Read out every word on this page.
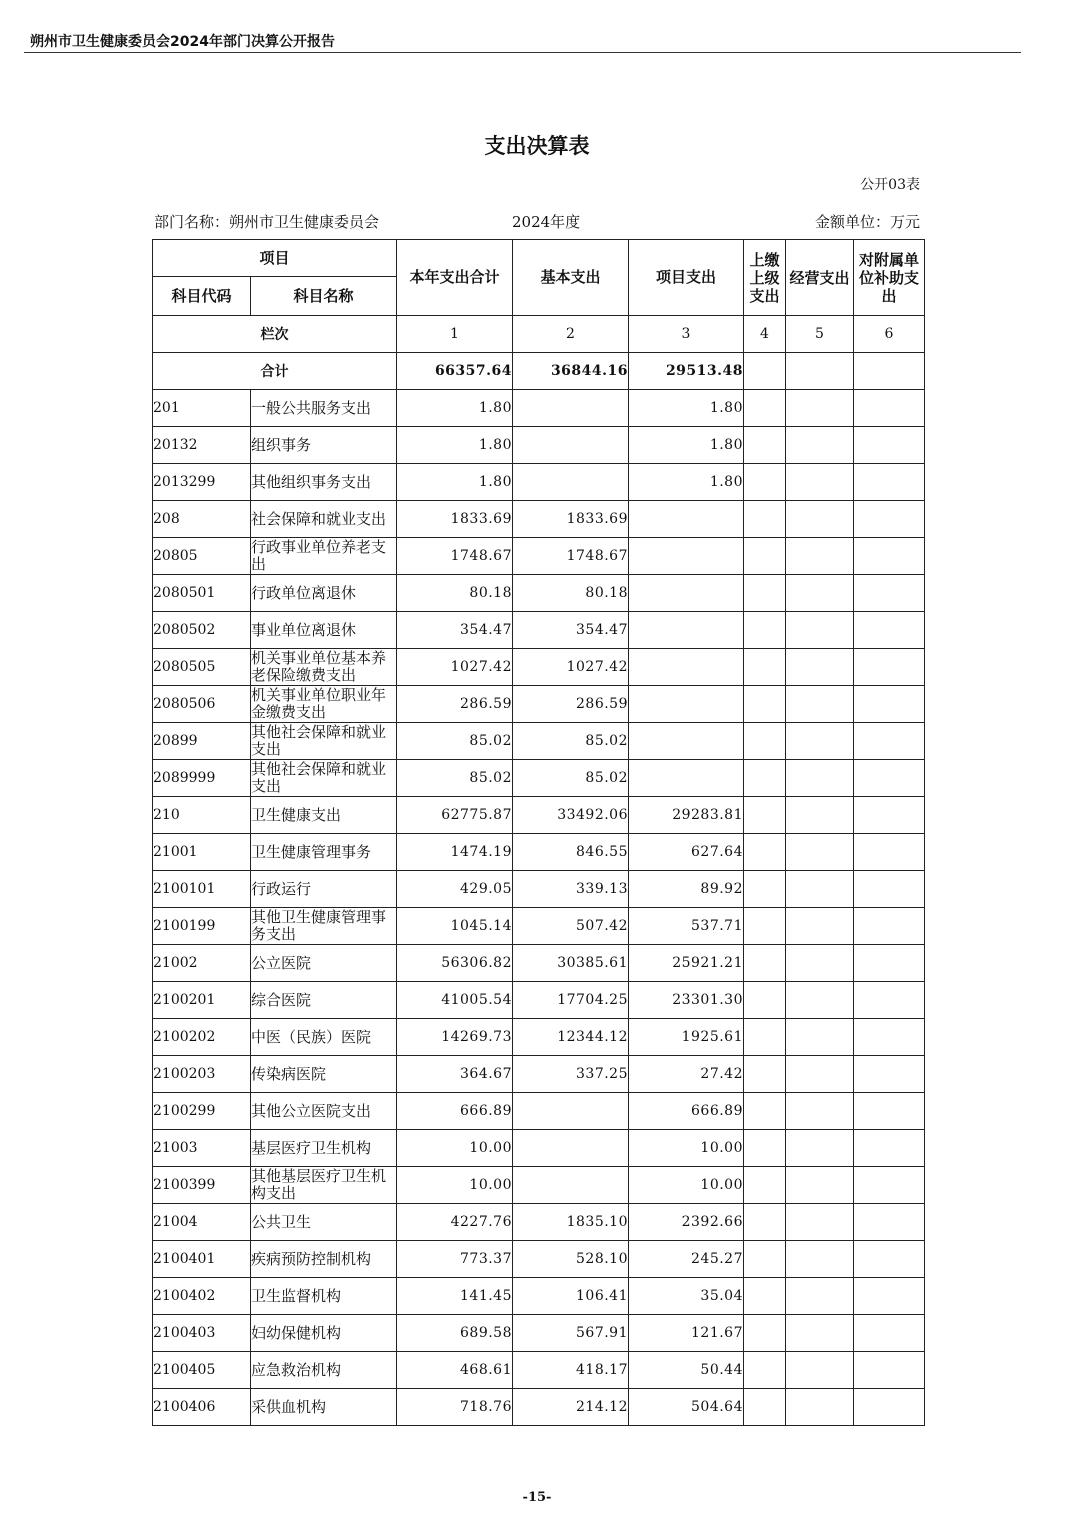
朔州市卫生健康委员会2024年部门决算公开报告
支出决算表
公开03表
部门名称：朔州市卫生健康委员会	2024年度	金额单位：万元
项目		本年支出合计	基本支出	项目支出	上缴上级支出	经营支出	对附属单位补助支出
科目代码	科目名称						
栏次		1	2	3	4	5	6
合计		66357.64	36844.16	29513.48			
201	一般公共服务支出	1.80		1.80			
20132	组织事务	1.80		1.80			
2013299	其他组织事务支出	1.80		1.80			
208	社会保障和就业支出	1833.69	1833.69				
20805	行政事业单位养老支出	1748.67	1748.67				
2080501	行政单位离退休	80.18	80.18				
2080502	事业单位离退休	354.47	354.47				
2080505	机关事业单位基本养老保险缴费支出	1027.42	1027.42				
2080506	机关事业单位职业年金缴费支出	286.59	286.59				
20899	其他社会保障和就业支出	85.02	85.02				
2089999	其他社会保障和就业支出	85.02	85.02				
210	卫生健康支出	62775.87	33492.06	29283.81			
21001	卫生健康管理事务	1474.19	846.55	627.64			
2100101	行政运行	429.05	339.13	89.92			
2100199	其他卫生健康管理事务支出	1045.14	507.42	537.71			
21002	公立医院	56306.82	30385.61	25921.21			
2100201	综合医院	41005.54	17704.25	23301.30			
2100202	中医（民族）医院	14269.73	12344.12	1925.61			
2100203	传染病医院	364.67	337.25	27.42			
2100299	其他公立医院支出	666.89		666.89			
21003	基层医疗卫生机构	10.00		10.00			
2100399	其他基层医疗卫生机构支出	10.00		10.00			
21004	公共卫生	4227.76	1835.10	2392.66			
2100401	疾病预防控制机构	773.37	528.10	245.27			
2100402	卫生监督机构	141.45	106.41	35.04			
2100403	妇幼保健机构	689.58	567.91	121.67			
2100405	应急救治机构	468.61	418.17	50.44			
2100406	采供血机构	718.76	214.12	504.64			
-15-
